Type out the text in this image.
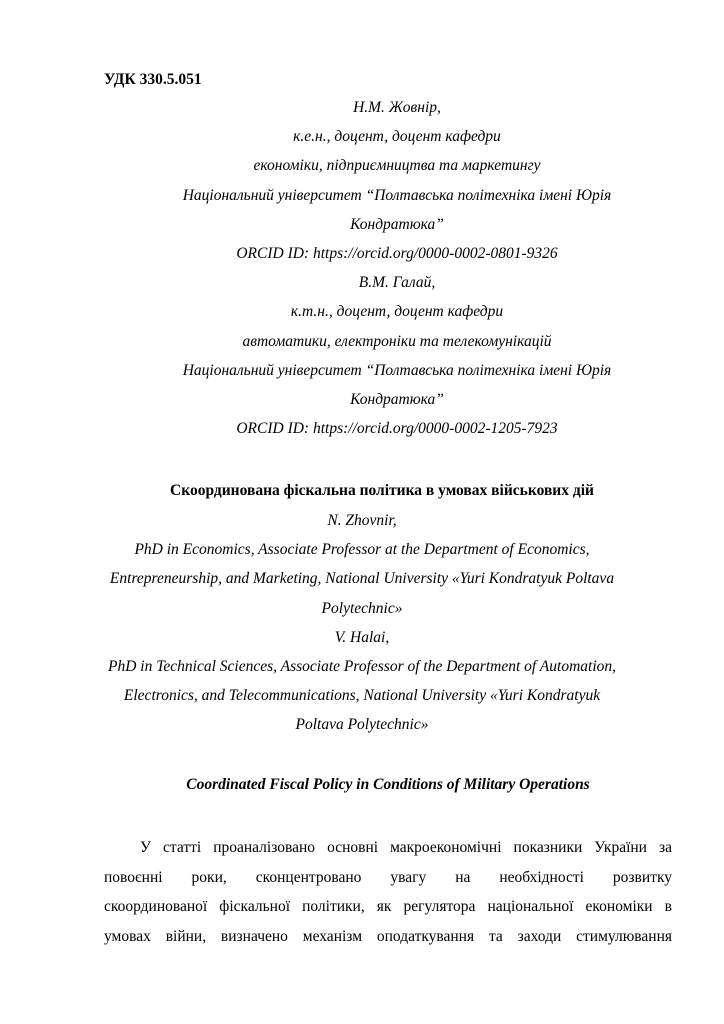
УДК 330.5.051
Н.М. Жовнір,
к.е.н., доцент, доцент кафедри
економіки, підприємництва та маркетингу
Національний університет “Полтавська політехніка імені Юрія
Кондратюка”
ORCID ID: https://orcid.org/0000-0002-0801-9326
В.М. Галай,
к.т.н., доцент, доцент кафедри
автоматики, електроніки та телекомунікацій
Національний університет “Полтавська політехніка імені Юрія
Кондратюка”
ORCID ID: https://orcid.org/0000-0002-1205-7923
Скоординована фіскальна політика в умовах військових дій
N. Zhovnir,
PhD in Economics, Associate Professor at the Department of Economics,
Entrepreneurship, and Marketing, National University «Yuri Kondratyuk Poltava
Polytechnic»
V. Halai,
PhD in Technical Sciences, Associate Professor of the Department of Automation,
Electronics, and Telecommunications, National University «Yuri Kondratyuk
Poltava Polytechnic»
Coordinated Fiscal Policy in Conditions of Military Operations
У статті проаналізовано основні макроекономічні показники України за
повоєнні роки, сконцентровано увагу на необхідності розвитку
скоординованої фіскальної політики, як регулятора національної економіки в
умовах війни, визначено механізм оподаткування та заходи стимулювання
